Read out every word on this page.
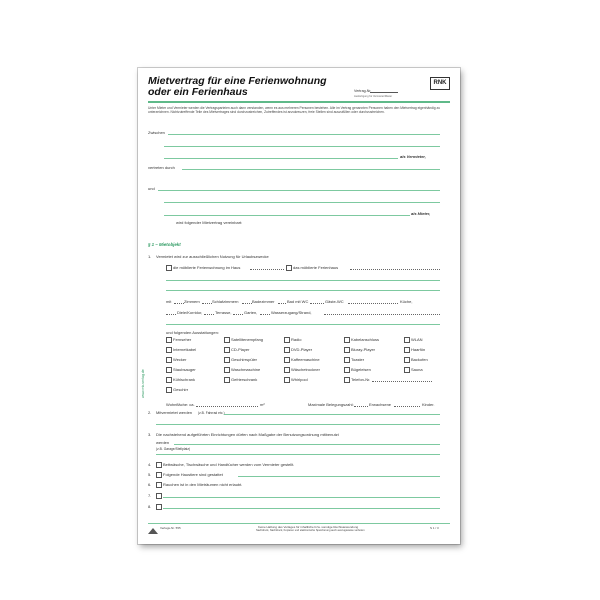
Mietvertrag für eine Ferienwohnung
oder ein Ferienhaus
RNK
Vertrag-Nr.
Ausfertigung für Vermieter/Mieter
Unter Mieter und Vermieter werden die Vertragsparteien auch dann verstanden, wenn es aus mehreren Personen bestehen. Alle im Vertrag genannten Personen haben den Mietvertrag eigenhändig zu unterzeichnen. Nichtzutreffende Teile des Mietvertrages sind durchzustreichen, Zutreffendes ist anzukreuzen, freie Stellen sind auszufüllen oder durchzustreichen.
Zwischen
als Vermieter,
vertreten durch
und
als Mieter,
wird folgender Mietvertrag vereinbart:
§ 1 – Mietobjekt
1. Vermietet wird zur ausschließlichen Nutzung für Urlaubszwecke
die möblierte Ferienwohnung im Haus	das möblierte Ferienhaus
mit	Zimmern	Schlafzimmern	Badezimmer	Bad mit WC	Gäste-WC	Küche,
Diele/Korridor,	Terrasse,	Garten,	Wasserzugang/Strand,
und folgenden Ausstattungen:
Fernseher	Satellitenempfang	Radio	Kabelanschluss	WLAN
Internetkabel	CD-Player	DVD-Player	Bluray-Player	Haarfön
Wecker	Geschirrspüler	Kaffeemaschine	Toaster	Backofen
Staubsauger	Waschmaschine	Wäschetrockner	Bügeleisen	Sauna
Kühlschrank	Gefrierschrank	Whirlpool	Telefon-Nr.
Geschirr
Wohnfläche: ca.	m²	Maximale Belegungszahl:	Erwachsene	Kinder.
2. Mitvermietet werden (z.B. Fahrrad etc.)
3. Die nachstehend aufgeführten Einrichtungen dürfen nach Maßgabe der Benutzungsordnung mitbenutzt
werden
(z.B. Garage/Stellplatz)
4.	Bettwäsche, Tischwäsche und Handtücher werden vom Vermieter gestellt.
5.	Folgende Haustiere sind gestattet
6.	Rauchen ist in den Mieträumen nicht erlaubt.
7.
8.
www.rnk-verlag.de
Verlags-Nr. 555	Keine Haftung des Verlages für inhaltliche bzw. sonstige Rechtsanwendung
Nachdruck, Nachdruck, Kopieren und elektronische Speicherung auch auszugsweise verboten
S 1 / 3
